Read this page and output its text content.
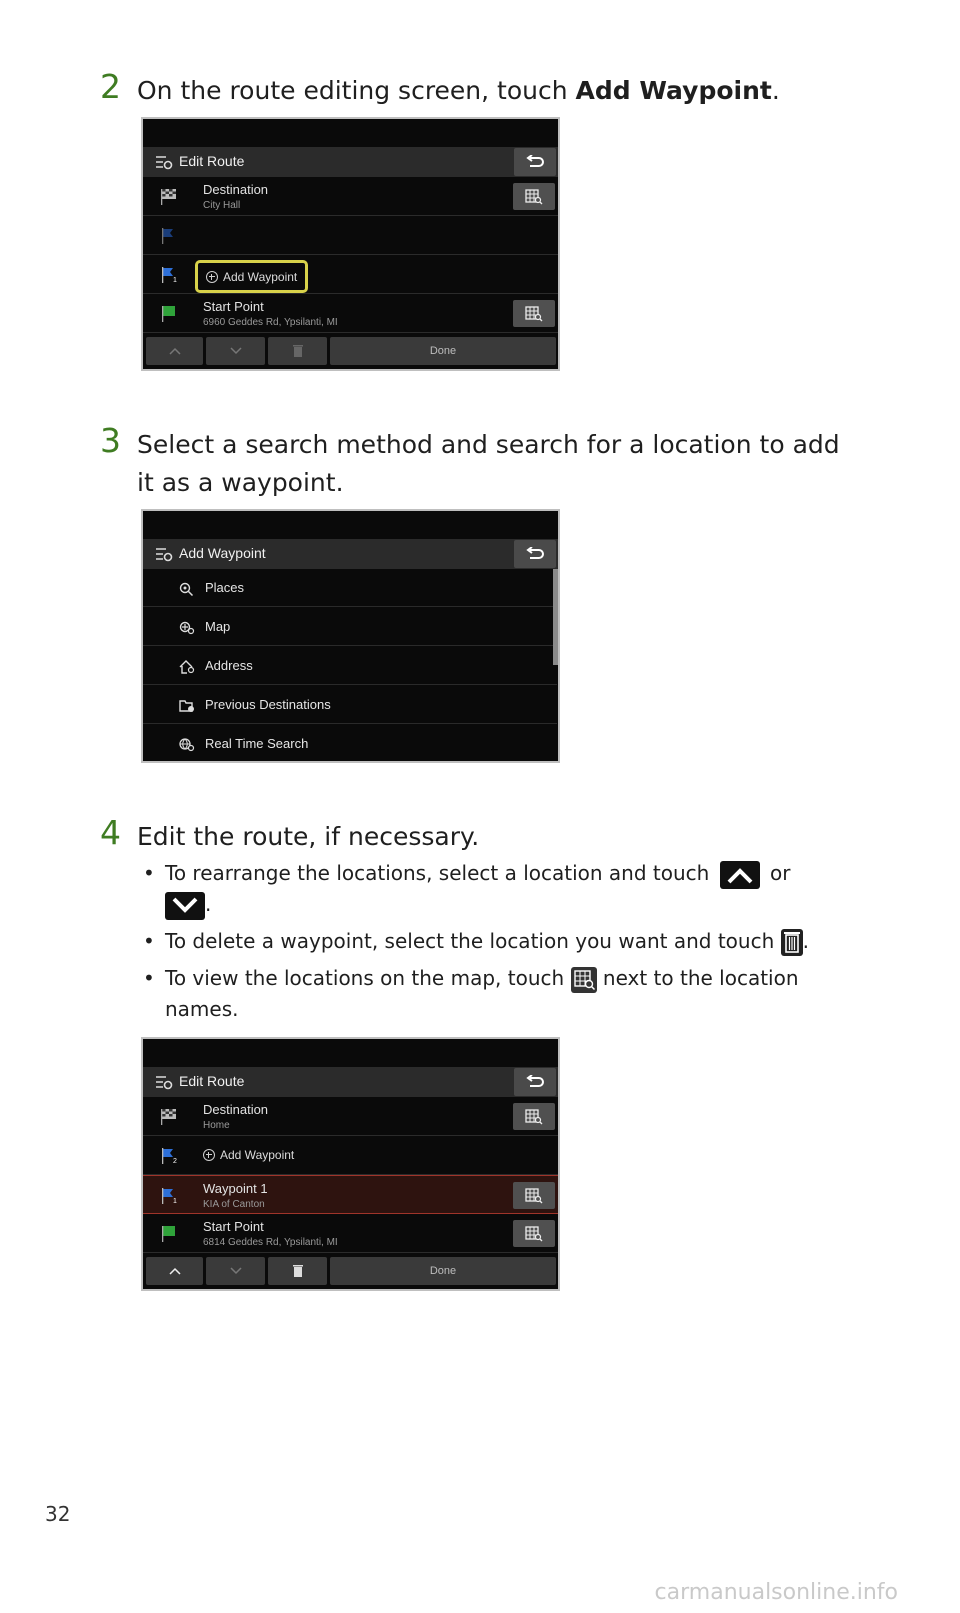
2 On the route editing screen, touch Add Waypoint.
Edit Route
Destination
City Hall
1	Add Waypoint
Start Point
6960 Geddes Rd, Ypsilanti, MI
Done
3 Select a search method and search for a location to add it as a waypoint.
Add Waypoint
Places
Map
Address
Previous Destinations
Real Time Search
4 Edit the route, if necessary.
• To rearrange the locations, select a location and touch	or
.
• To delete a waypoint, select the location you want and touch .
• To view the locations on the map, touch next to the location names.
Edit Route
Destination
Home
2	Add Waypoint
1
Waypoint 1
KIA of Canton
Start Point
6814 Geddes Rd, Ypsilanti, MI
Done
32
carmanualsonline.info
